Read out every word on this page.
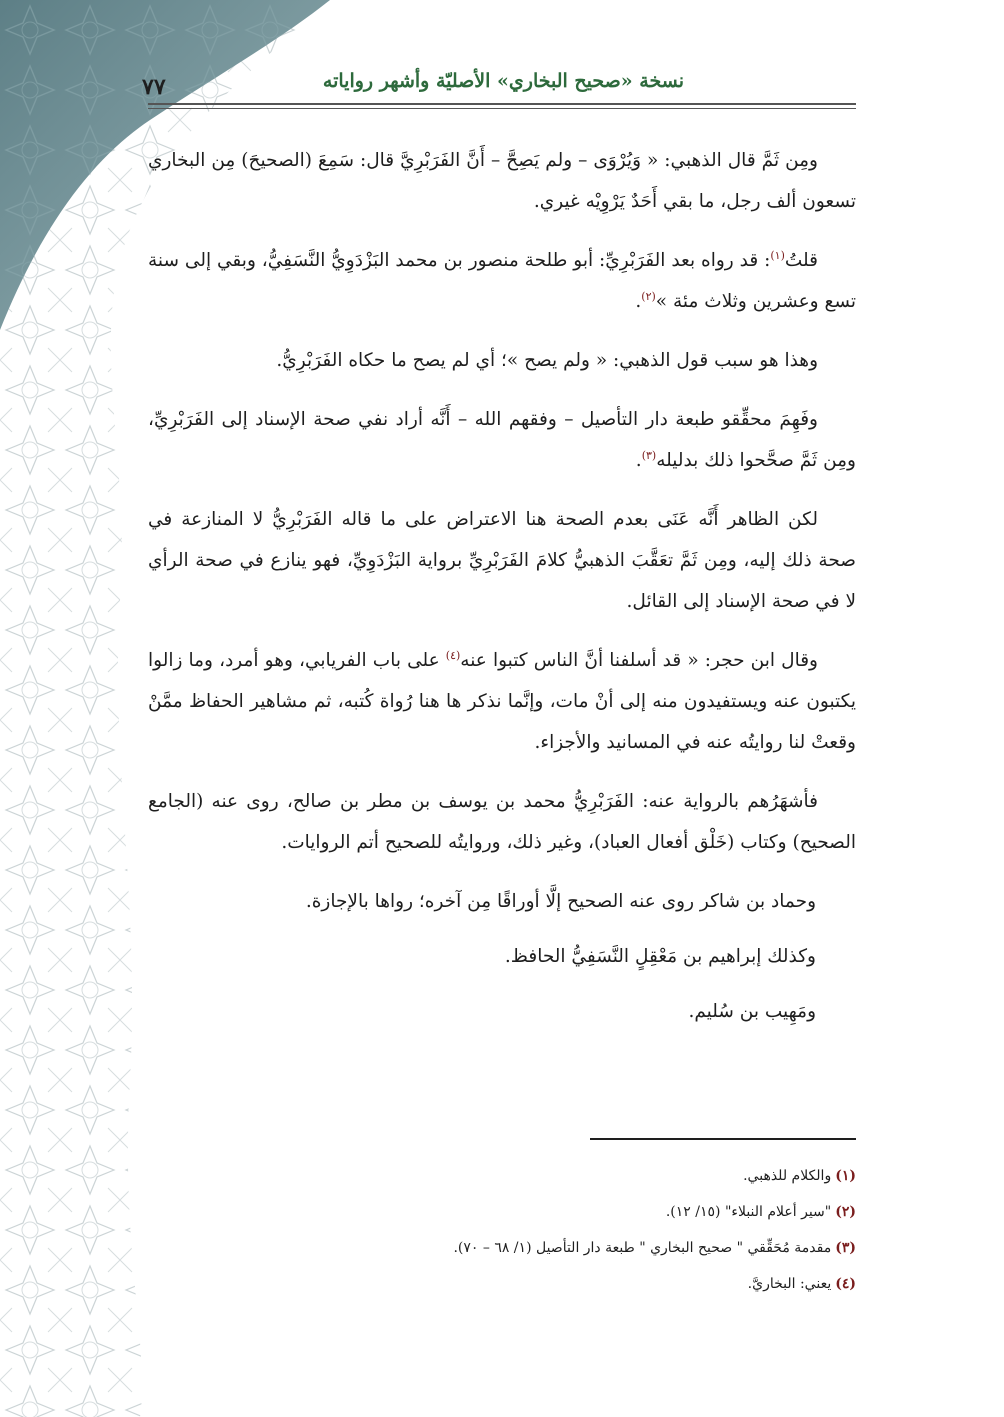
نسخة «صحيح البخاري» الأصليّة وأشهر رواياته
٧٧

ومِن ثَمَّ قال الذهبي: « وَيُرْوَى – ولم يَصِحَّ – أَنَّ الفَرَبْرِيَّ قال: سَمِعَ (الصحيحَ) مِن البخاري تسعون ألف رجل، ما بقي أَحَدٌ يَرْوِيْه غيري.

قلتُ$^{(١)}$: قد رواه بعد الفَرَبْرِيِّ: أبو طلحة منصور بن محمد البَزْدَوِيُّ النَّسَفِيُّ، وبقي إلى سنة تسع وعشرين وثلاث مئة »$^{(٢)}$.

وهذا هو سبب قول الذهبي: « ولم يصح »؛ أي لم يصح ما حكاه الفَرَبْرِيُّ.

وفَهِمَ محقِّقو طبعة دار التأصيل – وفقهم الله – أَنَّه أراد نفي صحة الإسناد إلى الفَرَبْرِيِّ، ومِن ثَمَّ صحَّحوا ذلك بدليله$^{(٣)}$.

لكن الظاهر أَنَّه عَنَى بعدم الصحة هنا الاعتراض على ما قاله الفَرَبْرِيُّ لا المنازعة في صحة ذلك إليه، ومِن ثَمَّ تعَقَّبَ الذهبيُّ كلامَ الفَرَبْرِيِّ برواية البَزْدَوِيِّ، فهو ينازع في صحة الرأي لا في صحة الإسناد إلى القائل.

وقال ابن حجر: « قد أسلفنا أنَّ الناس كتبوا عنه$^{(٤)}$ على باب الفريابي، وهو أمرد، وما زالوا يكتبون عنه ويستفيدون منه إلى أنْ مات، وإنَّما نذكر ها هنا رُواة كُتبه، ثم مشاهير الحفاظ ممَّنْ وقعتْ لنا روايتُه عنه في المسانيد والأجزاء.

فأشهَرُهم بالرواية عنه: الفَرَبْرِيُّ محمد بن يوسف بن مطر بن صالح، روى عنه (الجامع الصحيح) وكتاب (خَلْق أفعال العباد)، وغير ذلك، وروايتُه للصحيح أتم الروايات.

وحماد بن شاكر روى عنه الصحيح إلَّا أوراقًا مِن آخره؛ رواها بالإجازة.

وكذلك إبراهيم بن مَعْقِلٍ النَّسَفِيُّ الحافظ.

ومَهِيب بن سُليم.

(١)والكلام للذهبي.
(٢)"سير أعلام النبلاء" (١٥/ ١٢).
(٣)مقدمة مُحَقِّقي " صحيح البخاري " طبعة دار التأصيل (١/ ٦٨ – ٧٠).
(٤)يعني: البخاريَّ.
